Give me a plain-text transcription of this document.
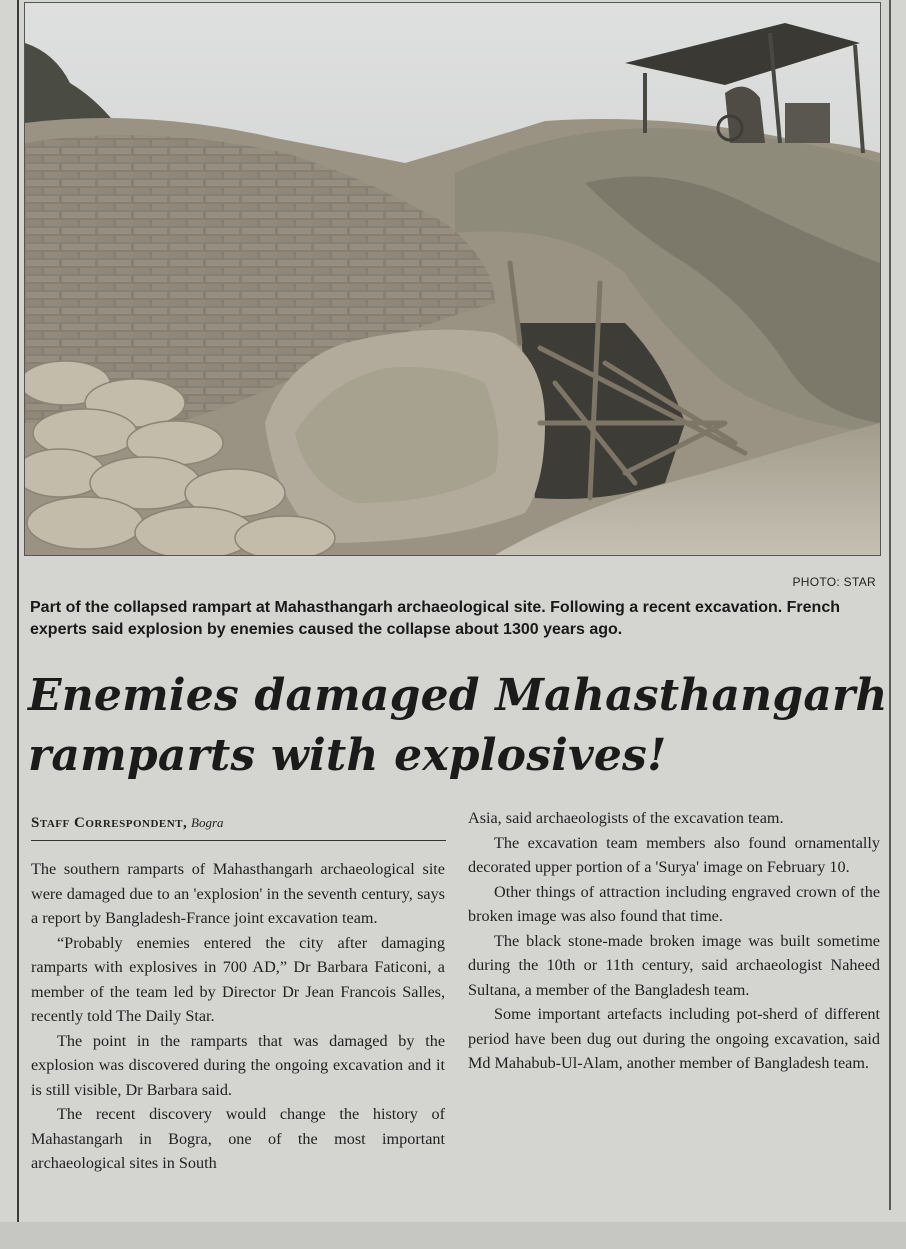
PHOTO: STAR
Part of the collapsed rampart at Mahasthangarh archaeological site. Following a recent excavation. French experts said explosion by enemies caused the collapse about 1300 years ago.
Enemies damaged Mahasthangarh ramparts with explosives!
Staff Correspondent, Bogra

The southern ramparts of Mahasthangarh archaeological site were damaged due to an 'explosion' in the seventh century, says a report by Bangladesh-France joint excavation team.

“Probably enemies entered the city after damaging ramparts with explosives in 700 AD,” Dr Barbara Faticoni, a member of the team led by Director Dr Jean Francois Salles, recently told The Daily Star.

The point in the ramparts that was damaged by the explosion was discovered during the ongoing excavation and it is still visible, Dr Barbara said.

The recent discovery would change the history of Mahastangarh in Bogra, one of the most important archaeological sites in South

Asia, said archaeologists of the excavation team.

The excavation team members also found ornamentally decorated upper portion of a 'Surya' image on February 10.

Other things of attraction including engraved crown of the broken image was also found that time.

The black stone-made broken image was built sometime during the 10th or 11th century, said archaeologist Naheed Sultana, a member of the Bangladesh team.

Some important artefacts including pot-sherd of different period have been dug out during the ongoing excavation, said Md Mahabub-Ul-Alam, another member of Bangladesh team.
